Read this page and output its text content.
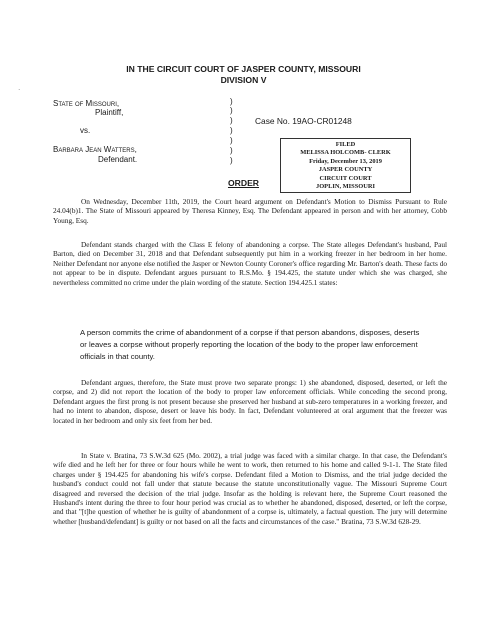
·
IN THE CIRCUIT COURT OF JASPER COUNTY, MISSOURI
DIVISION V
State of Missouri,
Plaintiff,
vs.
Barbara Jean Watters,
Defendant.
)
)
)
)
)
)
)
Case No. 19AO-CR01248
FILED
MELISSA HOLCOMB- CLERK
Friday, December 13, 2019
JASPER COUNTY
CIRCUIT COURT
JOPLIN, MISSOURI
ORDER
On Wednesday, December 11th, 2019, the Court heard argument on Defendant's Motion to Dismiss Pursuant to Rule 24.04(b)1. The State of Missouri appeared by Theresa Kinney, Esq. The Defendant appeared in person and with her attorney, Cobb Young, Esq.
Defendant stands charged with the Class E felony of abandoning a corpse. The State alleges Defendant's husband, Paul Barton, died on December 31, 2018 and that Defendant subsequently put him in a working freezer in her bedroom in her home. Neither Defendant nor anyone else notified the Jasper or Newton County Coroner's office regarding Mr. Barton's death. These facts do not appear to be in dispute. Defendant argues pursuant to R.S.Mo. § 194.425, the statute under which she was charged, she nevertheless committed no crime under the plain wording of the statute. Section 194.425.1 states:
A person commits the crime of abandonment of a corpse if that person abandons, disposes, deserts or leaves a corpse without properly reporting the location of the body to the proper law enforcement officials in that county.
Defendant argues, therefore, the State must prove two separate prongs: 1) she abandoned, disposed, deserted, or left the corpse, and 2) did not report the location of the body to proper law enforcement officials. While conceding the second prong, Defendant argues the first prong is not present because she preserved her husband at sub-zero temperatures in a working freezer, and had no intent to abandon, dispose, desert or leave his body. In fact, Defendant volunteered at oral argument that the freezer was located in her bedroom and only six feet from her bed.
In State v. Bratina, 73 S.W.3d 625 (Mo. 2002), a trial judge was faced with a similar charge. In that case, the Defendant's wife died and he left her for three or four hours while he went to work, then returned to his home and called 9-1-1. The State filed charges under § 194.425 for abandoning his wife's corpse. Defendant filed a Motion to Dismiss, and the trial judge decided the husband's conduct could not fall under that statute because the statute unconstitutionally vague. The Missouri Supreme Court disagreed and reversed the decision of the trial judge. Insofar as the holding is relevant here, the Supreme Court reasoned the Husband's intent during the three to four hour period was crucial as to whether he abandoned, disposed, deserted, or left the corpse, and that "[t]he question of whether he is guilty of abandonment of a corpse is, ultimately, a factual question. The jury will determine whether [husband/defendant] is guilty or not based on all the facts and circumstances of the case." Bratina, 73 S.W.3d 628-29.
